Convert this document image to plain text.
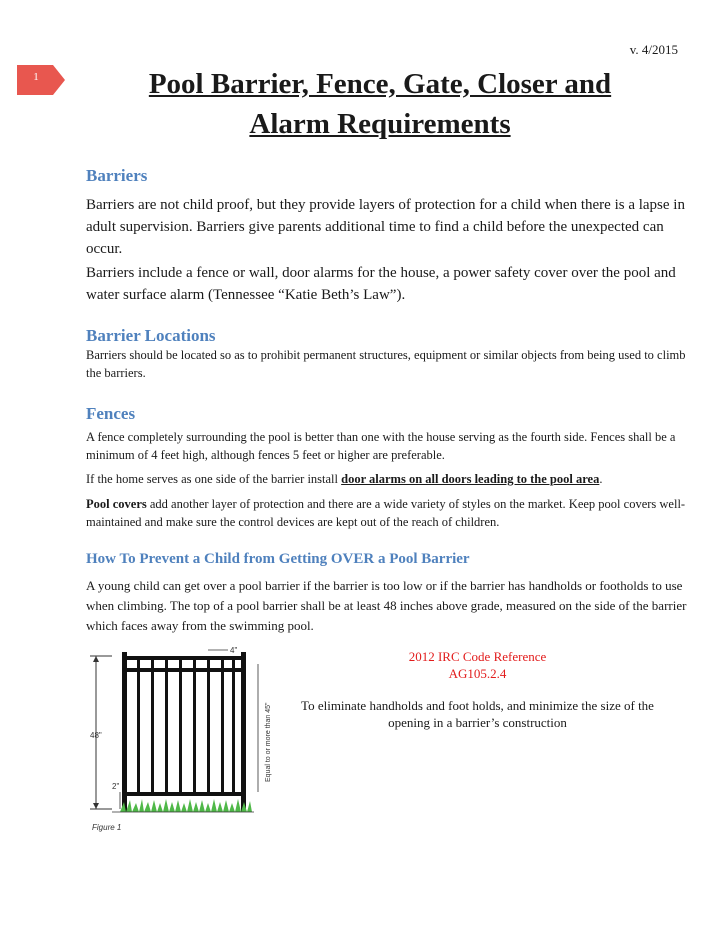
v. 4/2015
1	Pool Barrier, Fence, Gate, Closer and
Alarm Requirements
Barriers

Barriers are not child proof, but they provide layers of protection for a child when there is a lapse in adult supervision. Barriers give parents additional time to find a child before the unexpected can occur.

Barriers include a fence or wall, door alarms for the house, a power safety cover over the pool and water surface alarm (Tennessee “Katie Beth’s Law”).

Barrier Locations

Barriers should be located so as to prohibit permanent structures, equipment or similar objects from being used to climb the barriers.

Fences

A fence completely surrounding the pool is better than one with the house serving as the fourth side. Fences shall be a minimum of 4 feet high, although fences 5 feet or higher are preferable.

If the home serves as one side of the barrier install door alarms on all doors leading to the pool area.

Pool covers add another layer of protection and there are a wide variety of styles on the market. Keep pool covers well-maintained and make sure the control devices are kept out of the reach of children.

How To Prevent a Child from Getting OVER a Pool Barrier

A young child can get over a pool barrier if the barrier is too low or if the barrier has handholds or footholds to use when climbing. The top of a pool barrier shall be at least 48 inches above grade, measured on the side of the barrier which faces away from the swimming pool.

2012 IRC Code Reference
AG105.2.4
To eliminate handholds and foot holds, and minimize the size of the opening in a barrier’s construction
48"
2"
4"
Equal to or more than 45"
Figure 1
